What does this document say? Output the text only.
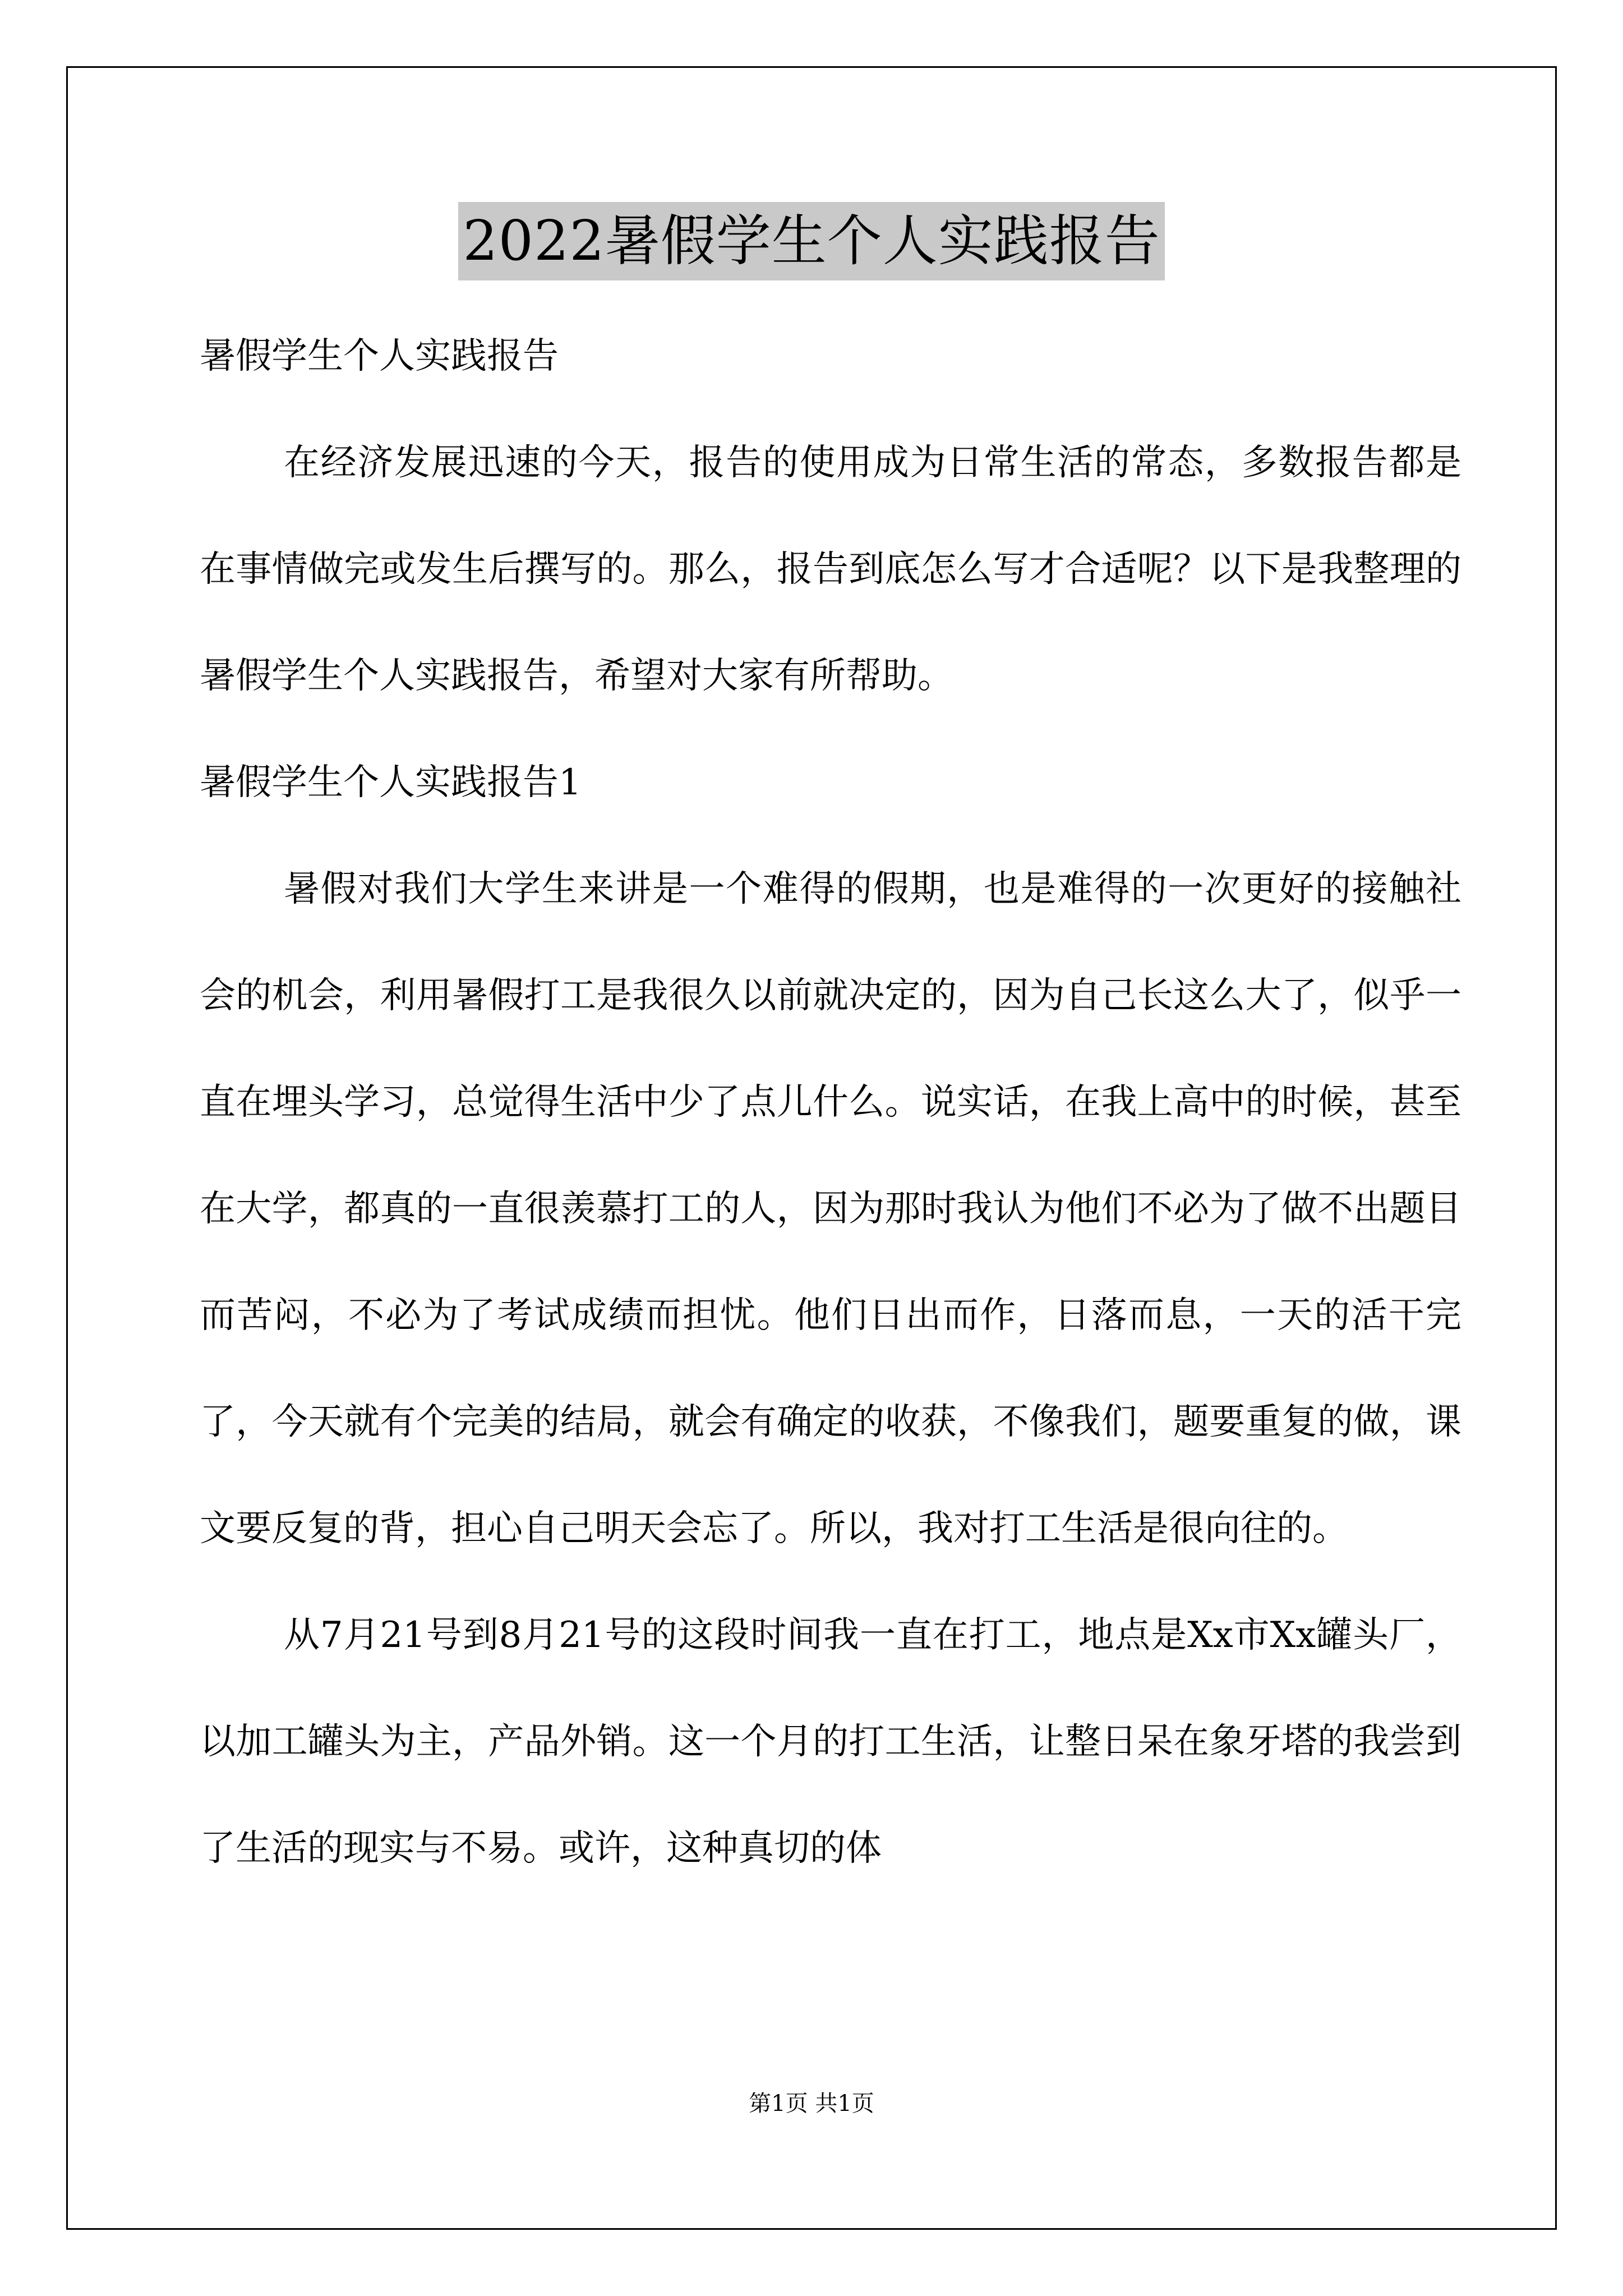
2022暑假学生个人实践报告

暑假学生个人实践报告

在经济发展迅速的今天，报告的使用成为日常生活的常态，多数报告都是在事情做完或发生后撰写的。那么，报告到底怎么写才合适呢？以下是我整理的暑假学生个人实践报告，希望对大家有所帮助。

暑假学生个人实践报告1

暑假对我们大学生来讲是一个难得的假期，也是难得的一次更好的接触社会的机会，利用暑假打工是我很久以前就决定的，因为自己长这么大了，似乎一直在埋头学习，总觉得生活中少了点儿什么。说实话，在我上高中的时候，甚至在大学，都真的一直很羡慕打工的人，因为那时我认为他们不必为了做不出题目而苦闷，不必为了考试成绩而担忧。他们日出而作，日落而息，一天的活干完了，今天就有个完美的结局，就会有确定的收获，不像我们，题要重复的做，课文要反复的背，担心自己明天会忘了。所以，我对打工生活是很向往的。

从7月21号到8月21号的这段时间我一直在打工，地点是Xx市Xx罐头厂，以加工罐头为主，产品外销。这一个月的打工生活，让整日呆在象牙塔的我尝到了生活的现实与不易。或许，这种真切的体

第1页 共1页
